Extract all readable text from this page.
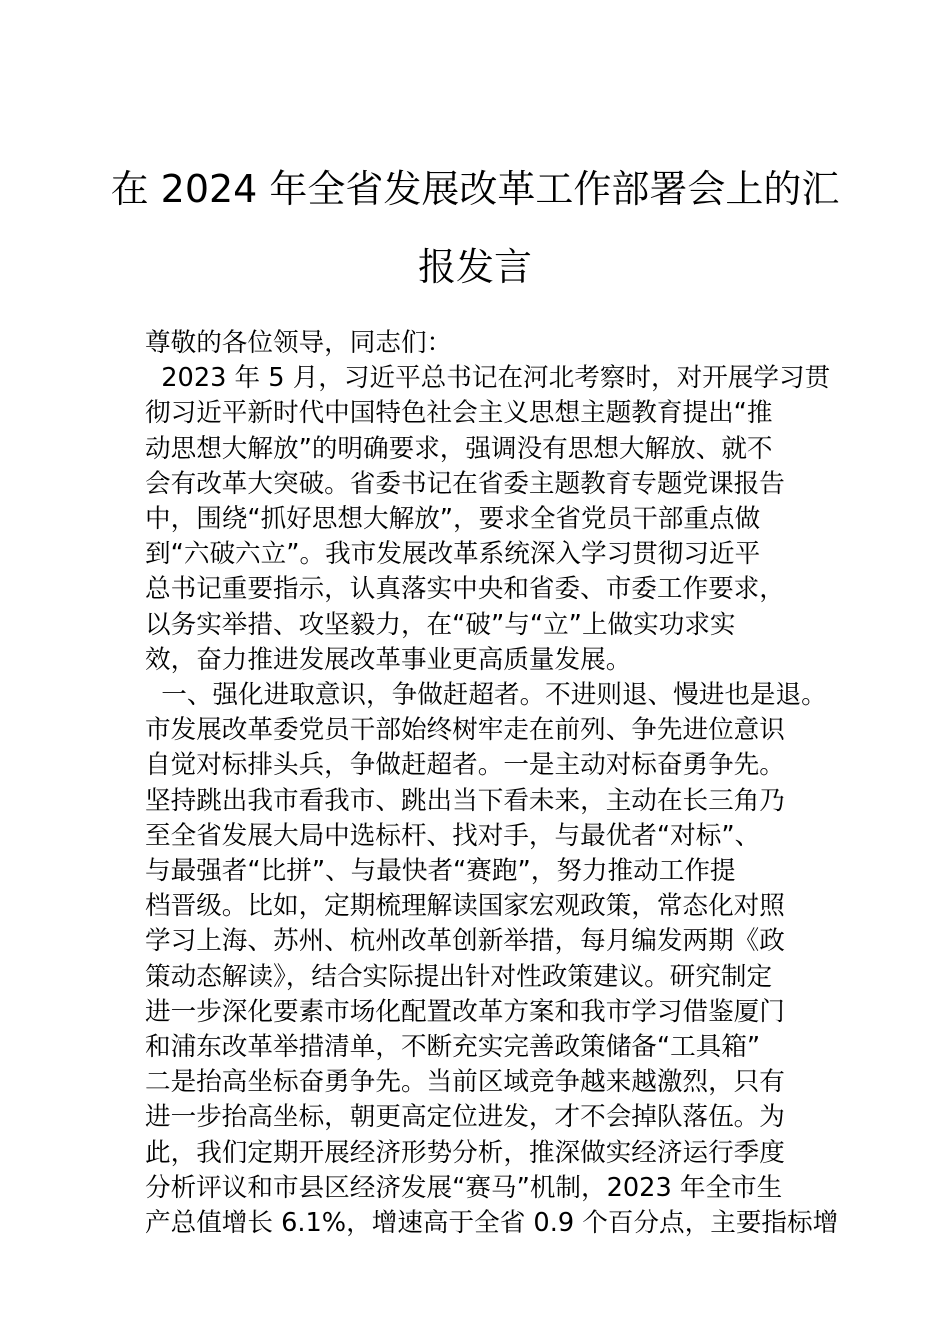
在 2024 年全省发展改革工作部署会上的汇
报发言
尊敬的各位领导，同志们：
2023 年 5 月，习近平总书记在河北考察时，对开展学习贯
彻习近平新时代中国特色社会主义思想主题教育提出“推
动思想大解放”的明确要求，强调没有思想大解放、就不
会有改革大突破。省委书记在省委主题教育专题党课报告
中，围绕“抓好思想大解放”，要求全省党员干部重点做
到“六破六立”。我市发展改革系统深入学习贯彻习近平
总书记重要指示，认真落实中央和省委、市委工作要求，
以务实举措、攻坚毅力，在“破”与“立”上做实功求实
效，奋力推进发展改革事业更高质量发展。
一、强化进取意识，争做赶超者。不进则退、慢进也是退。
市发展改革委党员干部始终树牢走在前列、争先进位意识
自觉对标排头兵，争做赶超者。一是主动对标奋勇争先。
坚持跳出我市看我市、跳出当下看未来，主动在长三角乃
至全省发展大局中选标杆、找对手，与最优者“对标”、
与最强者“比拼”、与最快者“赛跑”，努力推动工作提
档晋级。比如，定期梳理解读国家宏观政策，常态化对照
学习上海、苏州、杭州改革创新举措，每月编发两期《政
策动态解读》，结合实际提出针对性政策建议。研究制定
进一步深化要素市场化配置改革方案和我市学习借鉴厦门
和浦东改革举措清单，不断充实完善政策储备“工具箱”
二是抬高坐标奋勇争先。当前区域竞争越来越激烈，只有
进一步抬高坐标，朝更高定位进发，才不会掉队落伍。为
此，我们定期开展经济形势分析，推深做实经济运行季度
分析评议和市县区经济发展“赛马”机制，2023 年全市生
产总值增长 6.1%，增速高于全省 0.9 个百分点，主要指标增
